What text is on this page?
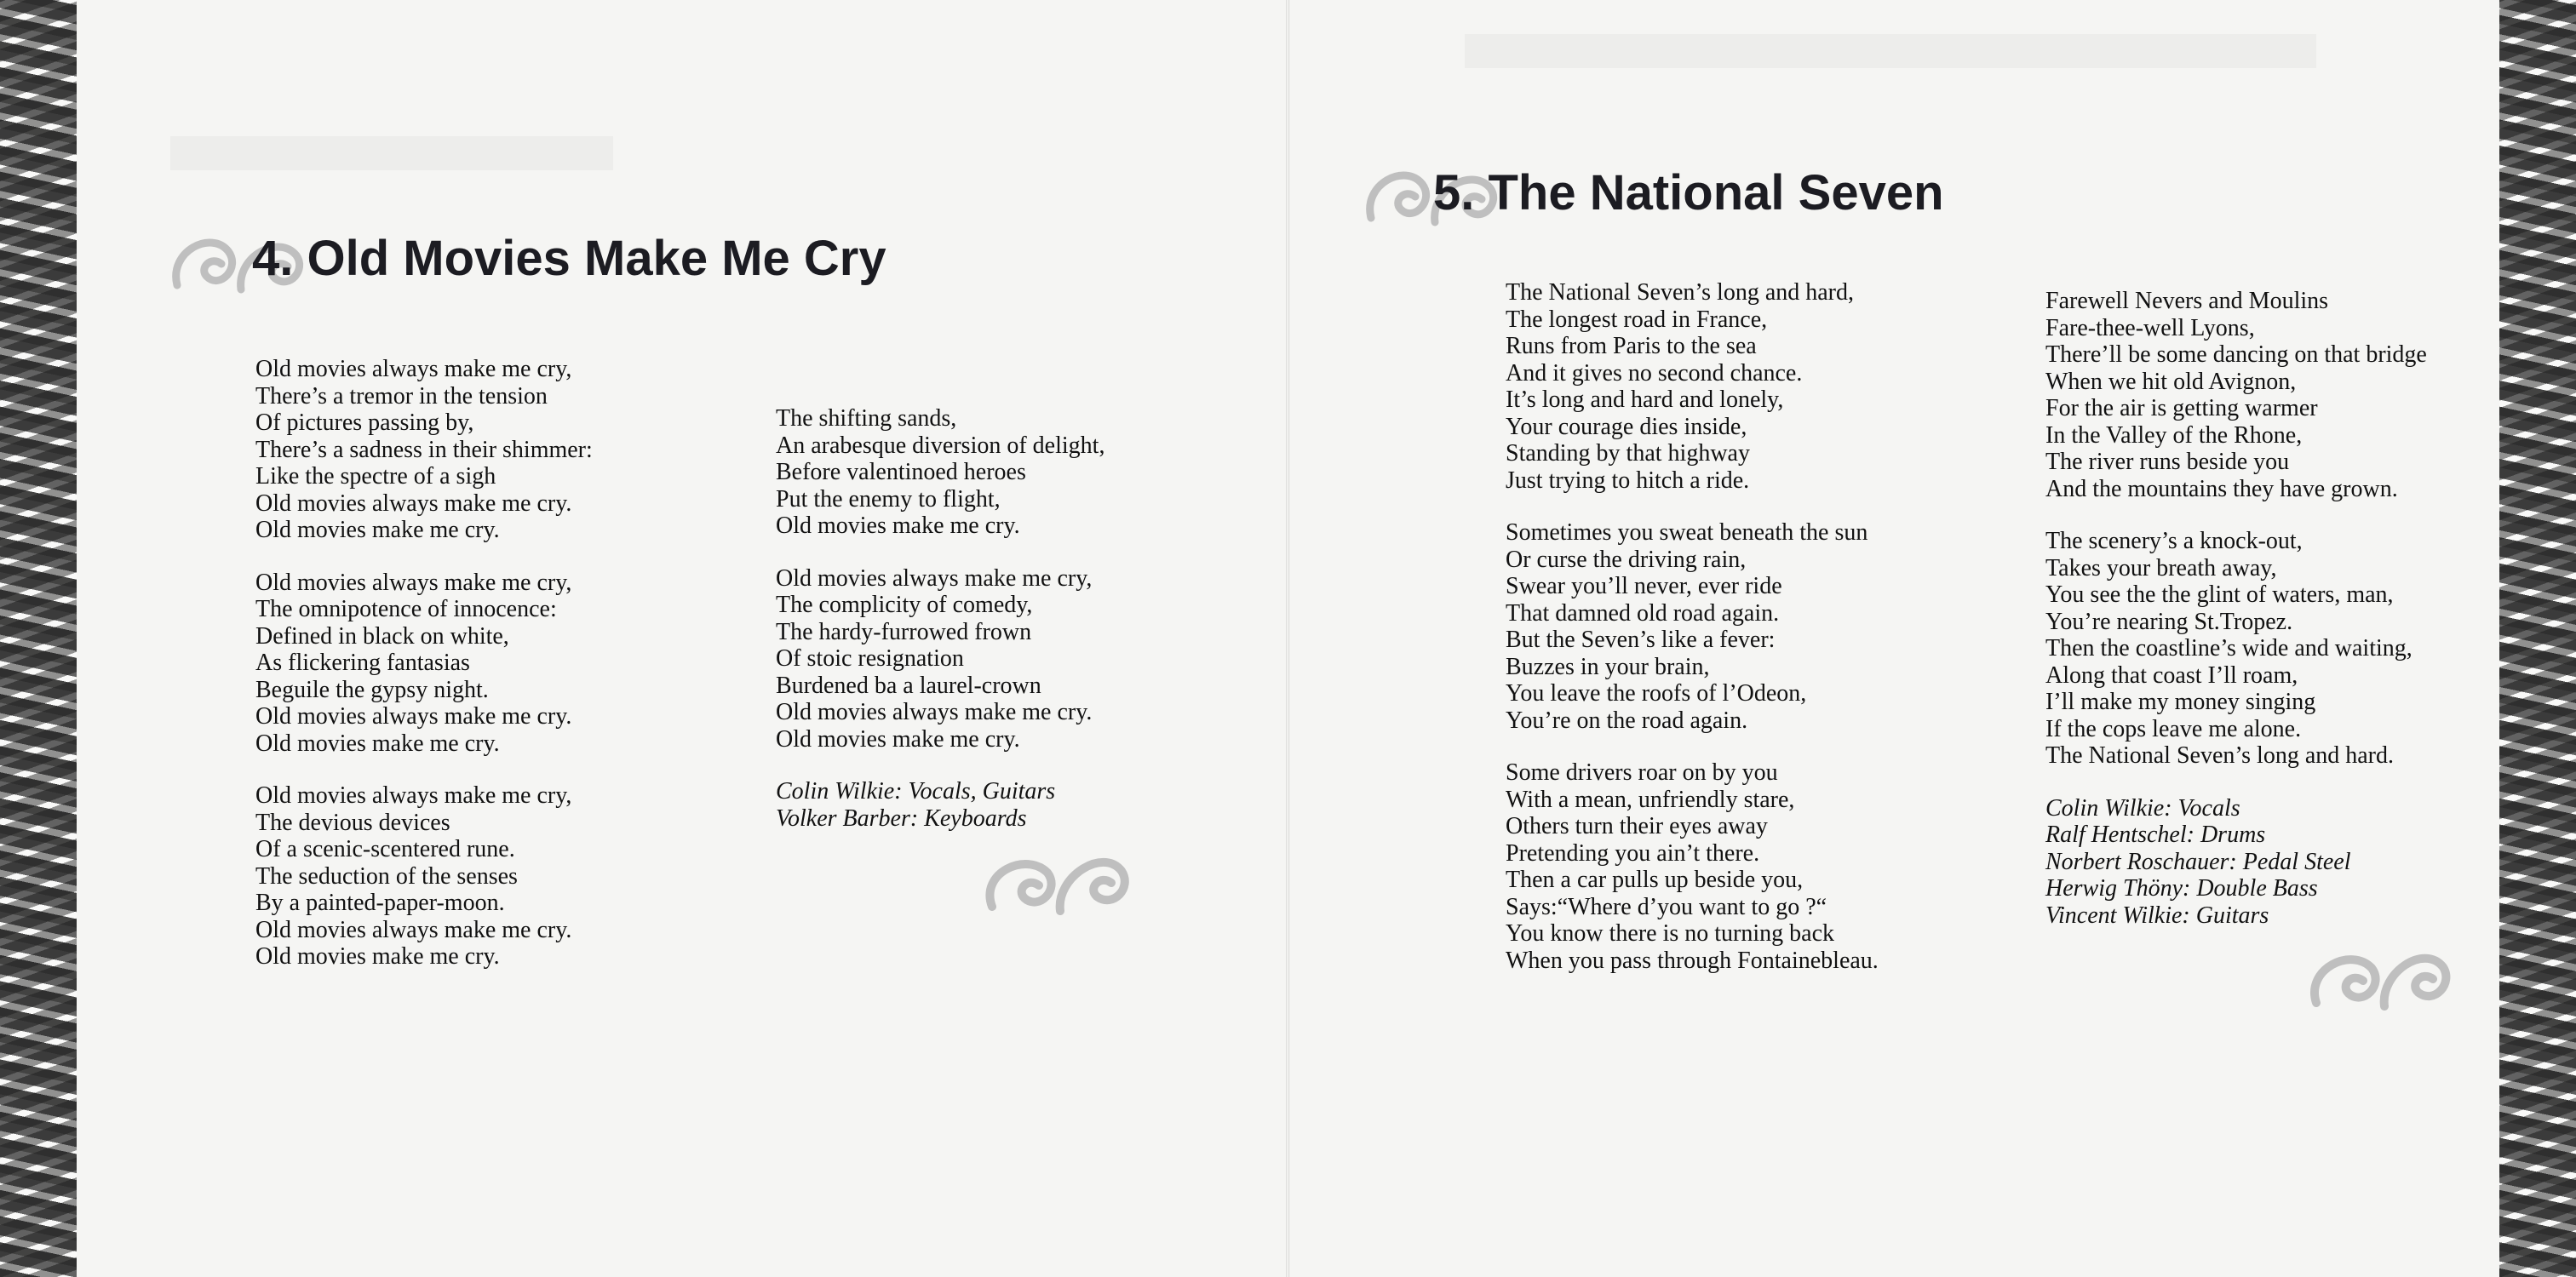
4. Old Movies Make Me Cry
Old movies always make me cry,
There’s a tremor in the tension
Of pictures passing by,
There’s a sadness in their shimmer:
Like the spectre of a sigh
Old movies always make me cry.
Old movies make me cry.
Old movies always make me cry,
The omnipotence of innocence:
Defined in black on white,
As flickering fantasias
Beguile the gypsy night.
Old movies always make me cry.
Old movies make me cry.
Old movies always make me cry,
The devious devices
Of a scenic-scentered rune.
The seduction of the senses
By a painted-paper-moon.
Old movies always make me cry.
Old movies make me cry.
The shifting sands,
An arabesque diversion of delight,
Before valentinoed heroes
Put the enemy to flight,
Old movies make me cry.
Old movies always make me cry,
The complicity of comedy,
The hardy-furrowed frown
Of stoic resignation
Burdened ba a laurel-crown
Old movies always make me cry.
Old movies make me cry.
Colin Wilkie: Vocals, Guitars
Volker Barber: Keyboards
5. The National Seven
The National Seven’s long and hard,
The longest road in France,
Runs from Paris to the sea
And it gives no second chance.
It’s long and hard and lonely,
Your courage dies inside,
Standing by that highway
Just trying to hitch a ride.
Sometimes you sweat beneath the sun
Or curse the driving rain,
Swear you’ll never, ever ride
That damned old road again.
But the Seven’s like a fever:
Buzzes in your brain,
You leave the roofs of l’Odeon,
You’re on the road again.
Some drivers roar on by you
With a mean, unfriendly stare,
Others turn their eyes away
Pretending you ain’t there.
Then a car pulls up beside you,
Says:“Where d’you want to go ?“
You know there is no turning back
When you pass through Fontainebleau.
Farewell Nevers and Moulins
Fare-thee-well Lyons,
There’ll be some dancing on that bridge
When we hit old Avignon,
For the air is getting warmer
In the Valley of the Rhone,
The river runs beside you
And the mountains they have grown.
The scenery’s a knock-out,
Takes your breath away,
You see the the glint of waters, man,
You’re nearing St.Tropez.
Then the coastline’s wide and waiting,
Along that coast I’ll roam,
I’ll make my money singing
If the cops leave me alone.
The National Seven’s long and hard.
Colin Wilkie: Vocals
Ralf Hentschel: Drums
Norbert Roschauer: Pedal Steel
Herwig Thöny: Double Bass
Vincent Wilkie: Guitars
